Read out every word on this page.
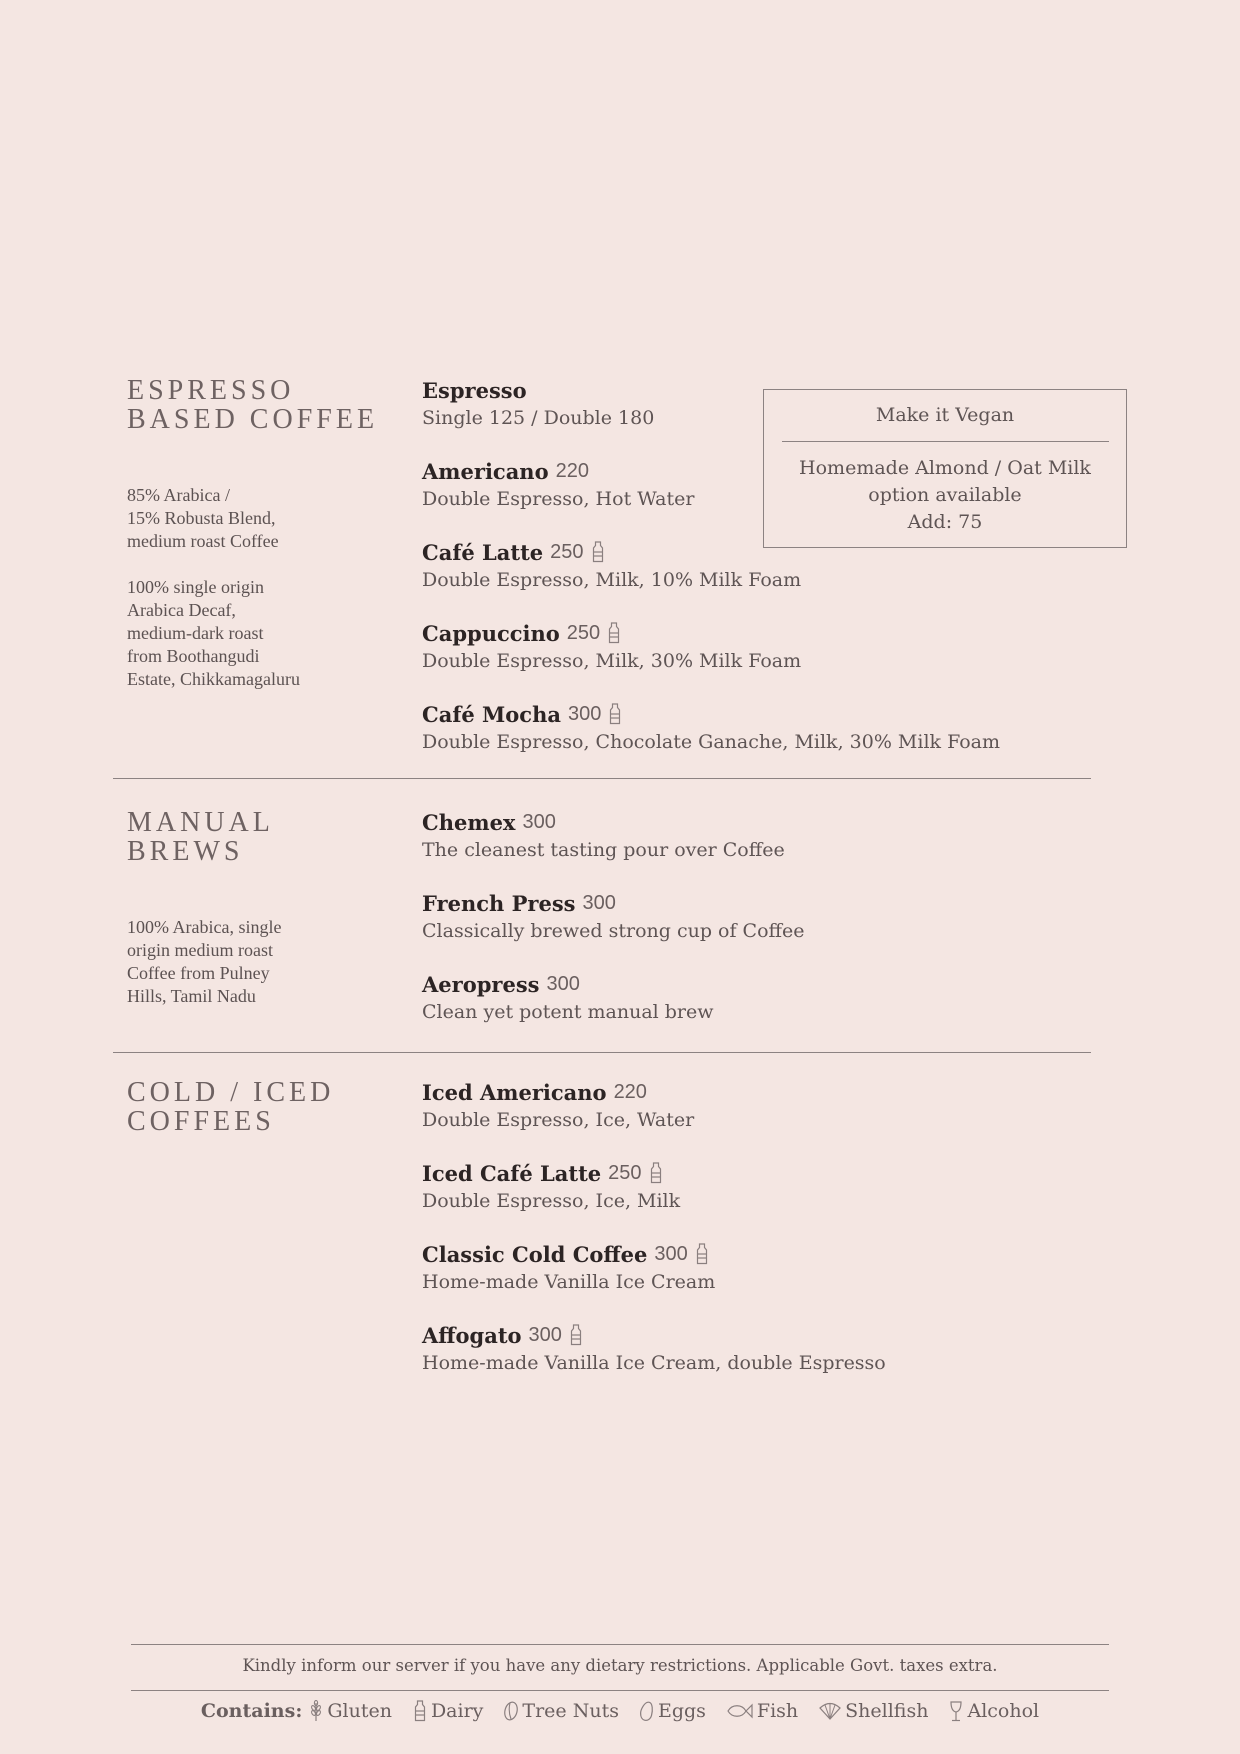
ESPRESSO
BASED COFFEE
85% Arabica /
15% Robusta Blend,
medium roast Coffee
100% single origin
Arabica Decaf,
medium-dark roast
from Boothangudi
Estate, Chikkamagaluru
Espresso
Single 125 / Double 180
Americano 220
Double Espresso, Hot Water
Café Latte 250
Double Espresso, Milk, 10% Milk Foam
Cappuccino 250
Double Espresso, Milk, 30% Milk Foam
Café Mocha 300
Double Espresso, Chocolate Ganache, Milk, 30% Milk Foam
Make it Vegan
Homemade Almond / Oat Milk
option available
Add: 75
MANUAL
BREWS
100% Arabica, single
origin medium roast
Coffee from Pulney
Hills, Tamil Nadu
Chemex 300
The cleanest tasting pour over Coffee
French Press 300
Classically brewed strong cup of Coffee
Aeropress 300
Clean yet potent manual brew
COLD / ICED
COFFEES
Iced Americano 220
Double Espresso, Ice, Water
Iced Café Latte 250
Double Espresso, Ice, Milk
Classic Cold Coffee 300
Home-made Vanilla Ice Cream
Affogato 300
Home-made Vanilla Ice Cream, double Espresso
Kindly inform our server if you have any dietary restrictions. Applicable Govt. taxes extra.
Contains: Gluten Dairy Tree Nuts Eggs	Fish Shellfish Alcohol
